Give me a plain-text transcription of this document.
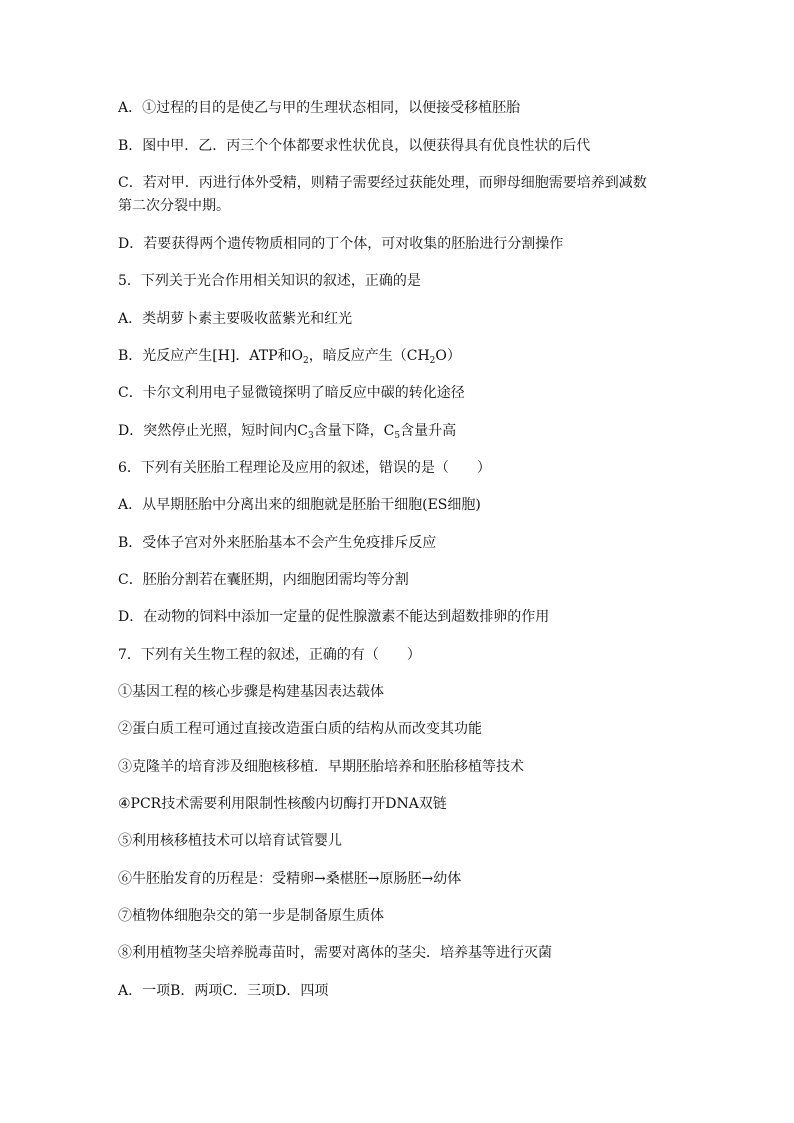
A．①过程的目的是使乙与甲的生理状态相同，以便接受移植胚胎
B．图中甲．乙．丙三个个体都要求性状优良，以便获得具有优良性状的后代
C．若对甲．丙进行体外受精，则精子需要经过获能处理，而卵母细胞需要培养到减数
第二次分裂中期。
D．若要获得两个遗传物质相同的丁个体，可对收集的胚胎进行分割操作
5．下列关于光合作用相关知识的叙述，正确的是
A．类胡萝卜素主要吸收蓝紫光和红光
B．光反应产生[H]．ATP和$O_2$，暗反应产生$(CH_2O)$
C．卡尔文利用电子显微镜探明了暗反应中碳的转化途径
D．突然停止光照，短时间内$C_3$含量下降，$C_5$含量升高
6．下列有关胚胎工程理论及应用的叙述，错误的是（　　）
A．从早期胚胎中分离出来的细胞就是胚胎干细胞(ES细胞)
B．受体子宫对外来胚胎基本不会产生免疫排斥反应
C．胚胎分割若在囊胚期，内细胞团需均等分割
D．在动物的饲料中添加一定量的促性腺激素不能达到超数排卵的作用
7．下列有关生物工程的叙述，正确的有（　　）
①基因工程的核心步骤是构建基因表达载体
②蛋白质工程可通过直接改造蛋白质的结构从而改变其功能
③克隆羊的培育涉及细胞核移植．早期胚胎培养和胚胎移植等技术
④PCR技术需要利用限制性核酸内切酶打开DNA双链
⑤利用核移植技术可以培育试管婴儿
⑥牛胚胎发育的历程是：受精卵→桑椹胚→原肠胚→幼体
⑦植物体细胞杂交的第一步是制备原生质体
⑧利用植物茎尖培养脱毒苗时，需要对离体的茎尖．培养基等进行灭菌
A．一项B．两项C．三项D．四项
